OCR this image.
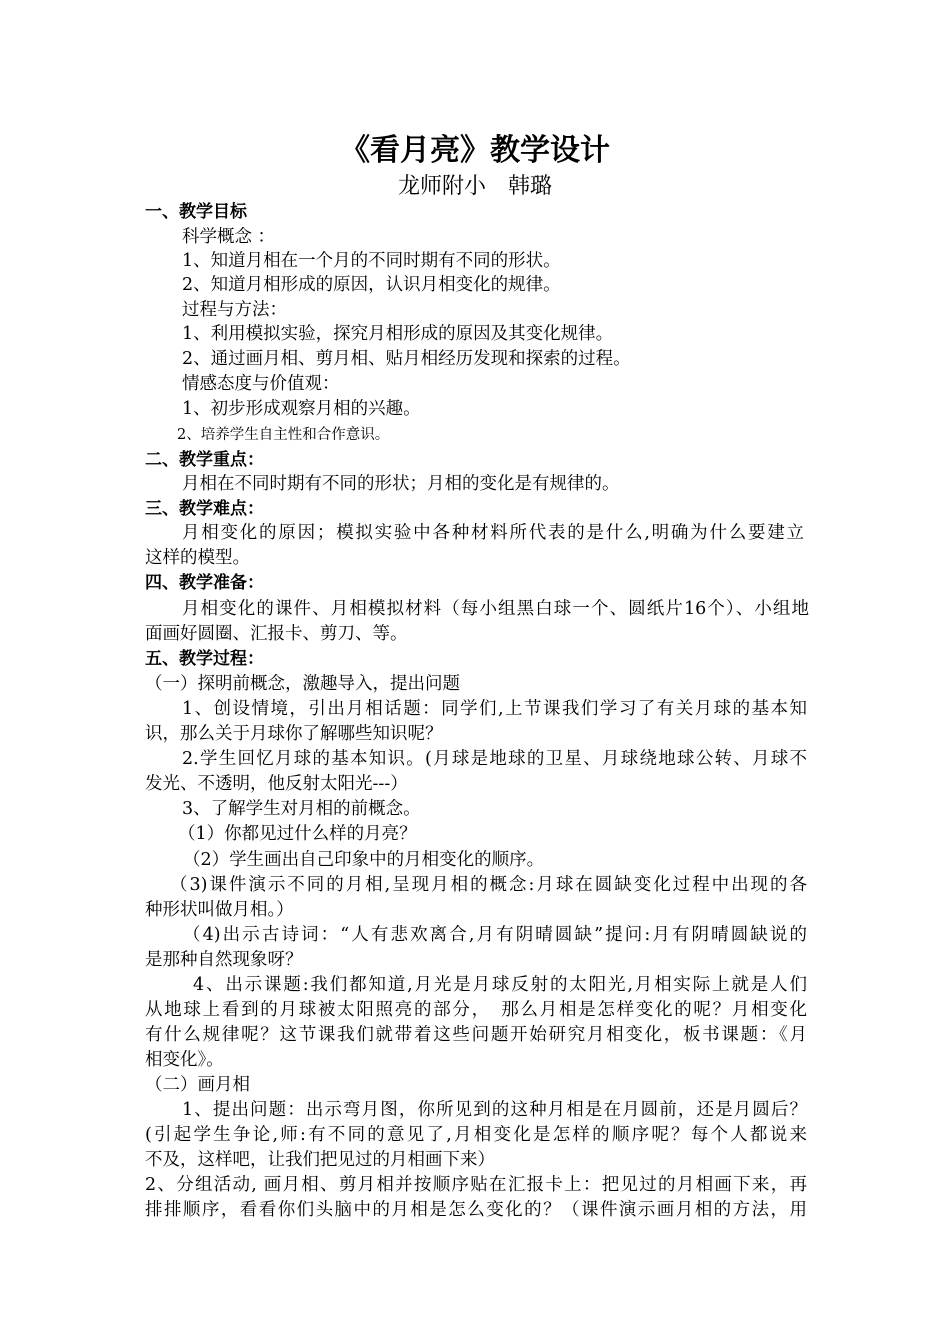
《看月亮》教学设计
龙师附小　韩璐
一、教学目标
科学概念 ：
1、知道月相在一个月的不同时期有不同的形状。
2、知道月相形成的原因，认识月相变化的规律。
过程与方法：
1、利用模拟实验，探究月相形成的原因及其变化规律。
2、通过画月相、剪月相、贴月相经历发现和探索的过程。
情感态度与价值观：
1、初步形成观察月相的兴趣。
2、培养学生自主性和合作意识。
二、教学重点：
月相在不同时期有不同的形状；月相的变化是有规律的。
三、教学难点：
月相变化的原因；模拟实验中各种材料所代表的是什么,明确为什么要建立
这样的模型。
四、教学准备：
月相变化的课件、月相模拟材料（每小组黑白球一个、圆纸片16个）、小组地
面画好圆圈、汇报卡、剪刀、等。
五、教学过程：
（一）探明前概念，激趣导入，提出问题
1、创设情境，引出月相话题：同学们,上节课我们学习了有关月球的基本知
识，那么关于月球你了解哪些知识呢？
2.学生回忆月球的基本知识。(月球是地球的卫星、月球绕地球公转、月球不
发光、不透明，他反射太阳光---）
3、了解学生对月相的前概念。
（1）你都见过什么样的月亮？
（2）学生画出自己印象中的月相变化的顺序。
（3)课件演示不同的月相,呈现月相的概念:月球在圆缺变化过程中出现的各
种形状叫做月相。）
（4)出示古诗词：“人有悲欢离合,月有阴晴圆缺”提问:月有阴晴圆缺说的
是那种自然现象呀？
4、出示课题:我们都知道,月光是月球反射的太阳光,月相实际上就是人们
从地球上看到的月球被太阳照亮的部分，　那么月相是怎样变化的呢？月相变化
有什么规律呢？这节课我们就带着这些问题开始研究月相变化，板书课题：《月
相变化》。
（二）画月相
1、提出问题：出示弯月图，你所见到的这种月相是在月圆前，还是月圆后？
(引起学生争论,师:有不同的意见了,月相变化是怎样的顺序呢？每个人都说来
不及，这样吧，让我们把见过的月相画下来）
2、分组活动, 画月相、剪月相并按顺序贴在汇报卡上：把见过的月相画下来，再
排排顺序，看看你们头脑中的月相是怎么变化的？（课件演示画月相的方法，用
